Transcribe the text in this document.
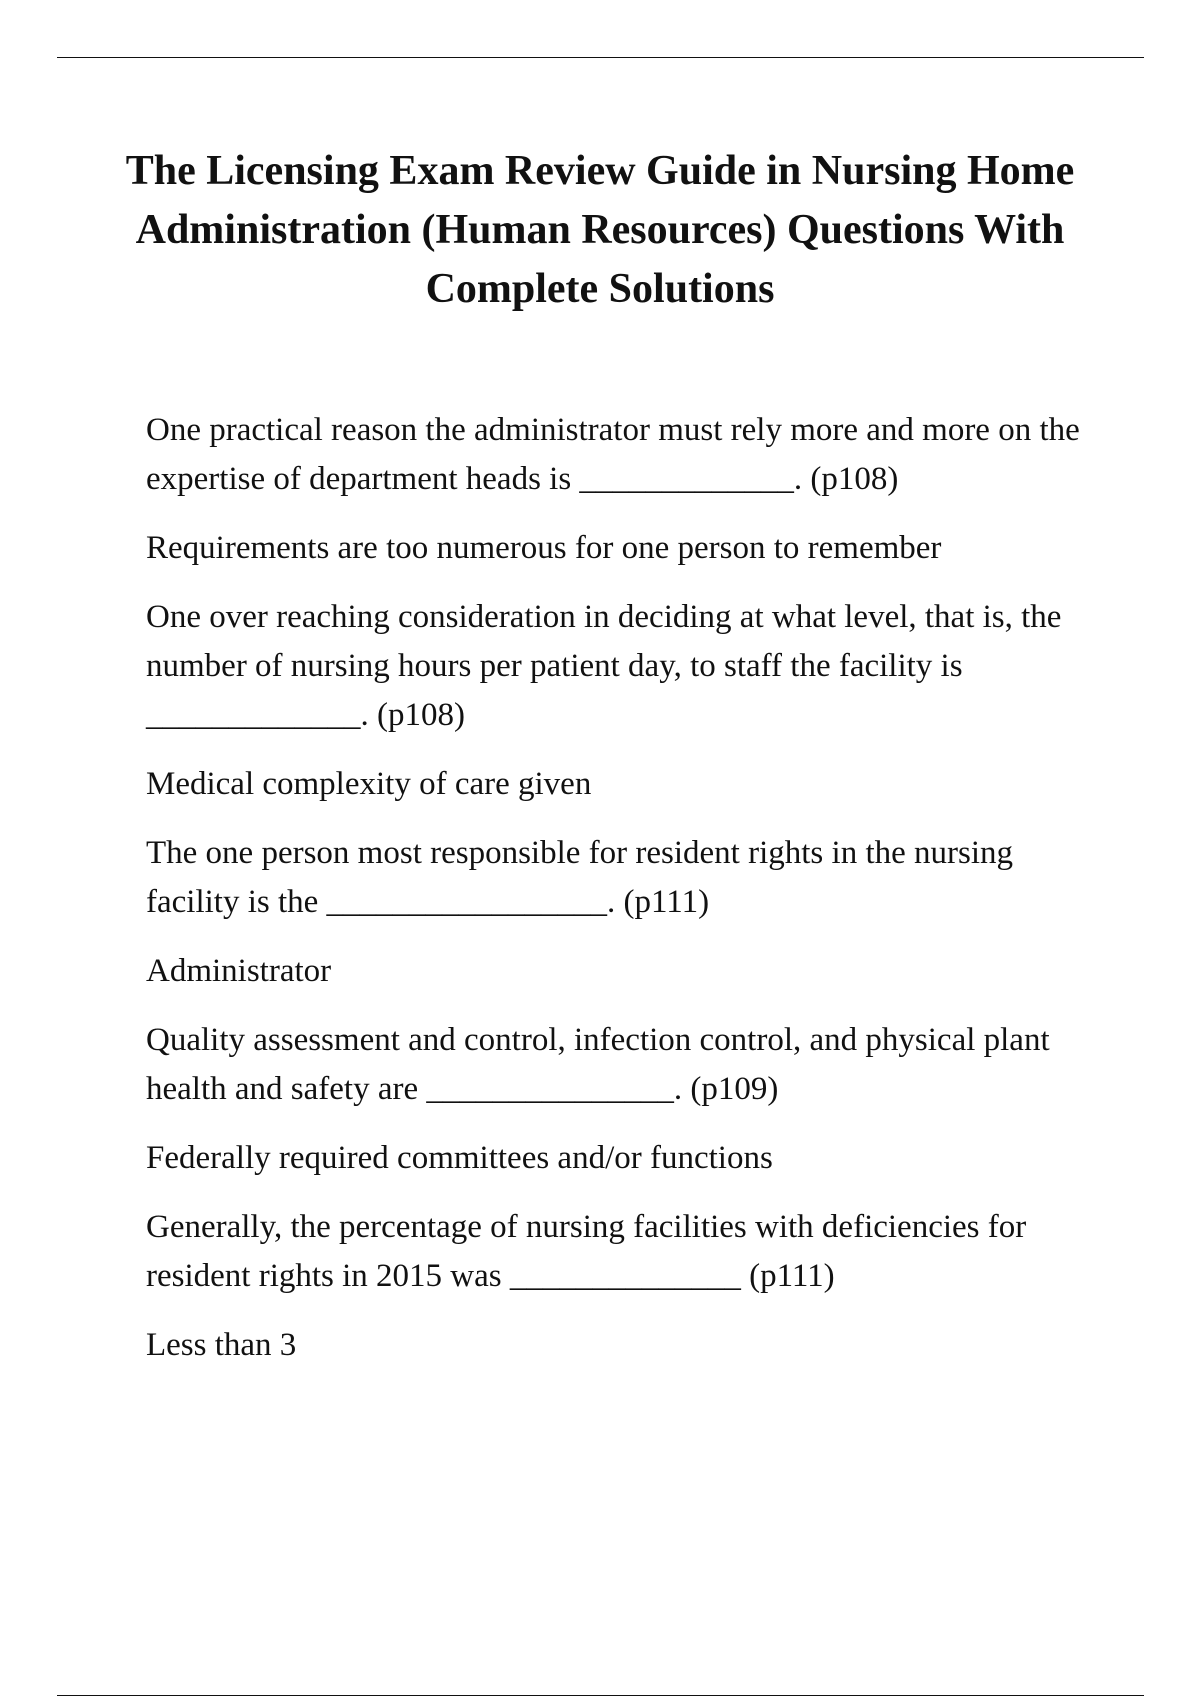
The Licensing Exam Review Guide in Nursing Home Administration (Human Resources) Questions With Complete Solutions

One practical reason the administrator must rely more and more on the expertise of department heads is _____________. (p108)

Requirements are too numerous for one person to remember

One over reaching consideration in deciding at what level, that is, the number of nursing hours per patient day, to staff the facility is _____________. (p108)

Medical complexity of care given

The one person most responsible for resident rights in the nursing facility is the _________________. (p111)

Administrator

Quality assessment and control, infection control, and physical plant health and safety are _______________. (p109)

Federally required committees and/or functions

Generally, the percentage of nursing facilities with deficiencies for resident rights in 2015 was ______________ (p111)

Less than 3
